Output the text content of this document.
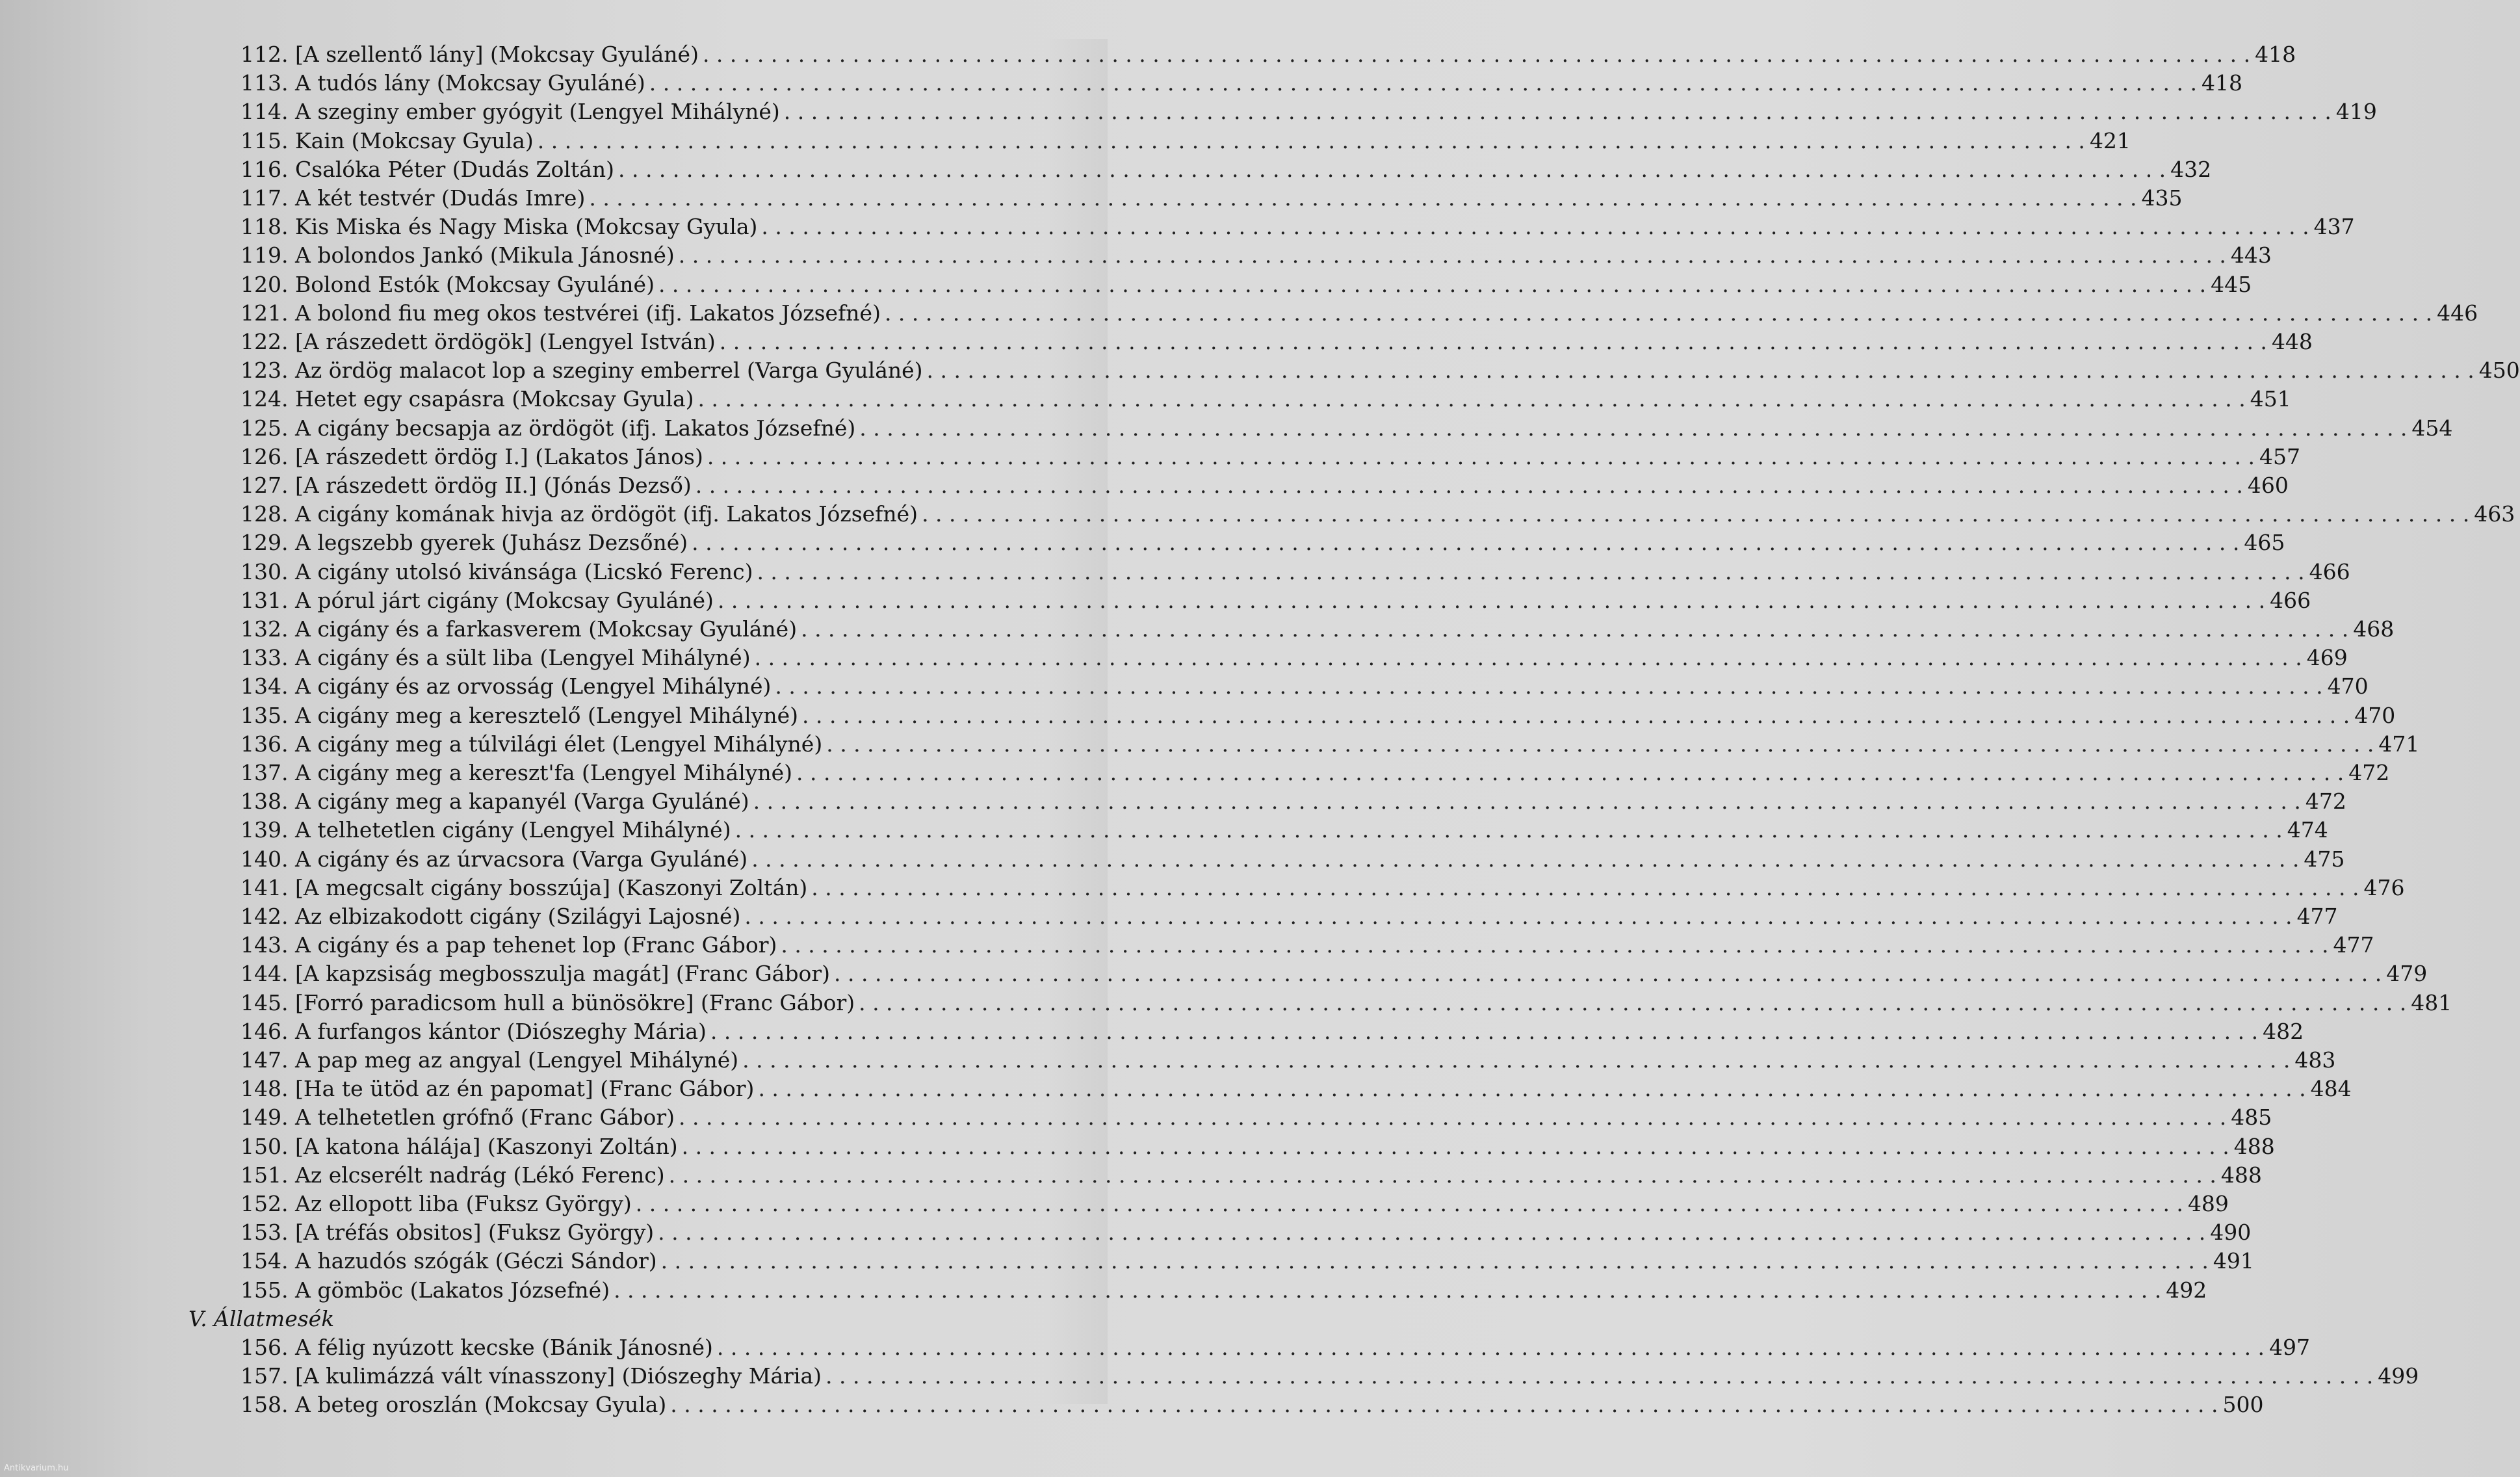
112. [A szellentő lány] (Mokcsay Gyuláné) . . .	418
113. A tudós lány (Mokcsay Gyuláné) . . .	418
114. A szeginy ember gyógyit (Lengyel Mihályné) . . .	419
115. Kain (Mokcsay Gyula) . . .	421
116. Csalóka Péter (Dudás Zoltán) . . .	432
117. A két testvér (Dudás Imre) . . .	435
118. Kis Miska és Nagy Miska (Mokcsay Gyula) . . .	437
119. A bolondos Jankó (Mikula Jánosné) . . .	443
120. Bolond Estók (Mokcsay Gyuláné) . . .	445
121. A bolond fiu meg okos testvérei (ifj. Lakatos Józsefné) . . .	446
122. [A rászedett ördögök] (Lengyel István) . . .	448
123. Az ördög malacot lop a szeginy emberrel (Varga Gyuláné) . . .	450
124. Hetet egy csapásra (Mokcsay Gyula) . . .	451
125. A cigány becsapja az ördögöt (ifj. Lakatos Józsefné) . . .	454
126. [A rászedett ördög I.] (Lakatos János) . . .	457
127. [A rászedett ördög II.] (Jónás Dezső) . . .	460
128. A cigány komának hivja az ördögöt (ifj. Lakatos Józsefné) . . .	463
129. A legszebb gyerek (Juhász Dezsőné) . . .	465
130. A cigány utolsó kivánsága (Licskó Ferenc) . . .	466
131. A pórul járt cigány (Mokcsay Gyuláné) . . .	466
132. A cigány és a farkasverem (Mokcsay Gyuláné) . . .	468
133. A cigány és a sült liba (Lengyel Mihályné) . . .	469
134. A cigány és az orvosság (Lengyel Mihályné) . . .	470
135. A cigány meg a keresztelő (Lengyel Mihályné) . . .	470
136. A cigány meg a túlvilági élet (Lengyel Mihályné) . . .	471
137. A cigány meg a kereszt'fa (Lengyel Mihályné) . . .	472
138. A cigány meg a kapanyél (Varga Gyuláné) . . .	472
139. A telhetetlen cigány (Lengyel Mihályné) . . .	474
140. A cigány és az úrvacsora (Varga Gyuláné) . . .	475
141. [A megcsalt cigány bosszúja] (Kaszonyi Zoltán) . . .	476
142. Az elbizakodott cigány (Szilágyi Lajosné) . . .	477
143. A cigány és a pap tehenet lop (Franc Gábor) . . .	477
144. [A kapzsiság megbosszulja magát] (Franc Gábor) . . .	479
145. [Forró paradicsom hull a bünösökre] (Franc Gábor) . . .	481
146. A furfangos kántor (Diószeghy Mária) . . .	482
147. A pap meg az angyal (Lengyel Mihályné) . . .	483
148. [Ha te ütöd az én papomat] (Franc Gábor) . . .	484
149. A telhetetlen grófnő (Franc Gábor) . . .	485
150. [A katona hálája] (Kaszonyi Zoltán) . . .	488
151. Az elcserélt nadrág (Lékó Ferenc) . . .	488
152. Az ellopott liba (Fuksz György) . . .	489
153. [A tréfás obsitos] (Fuksz György) . . .	490
154. A hazudós szógák (Géczi Sándor) . . .	491
155. A gömböc (Lakatos Józsefné) . . .	492
V. Állatmesék
156. A félig nyúzott kecske (Bánik Jánosné) . . .	497
157. [A kulimázzá vált vínasszony] (Diószeghy Mária) . . .	499
158. A beteg oroszlán (Mokcsay Gyula) . . .	500
Antikvarium.hu
